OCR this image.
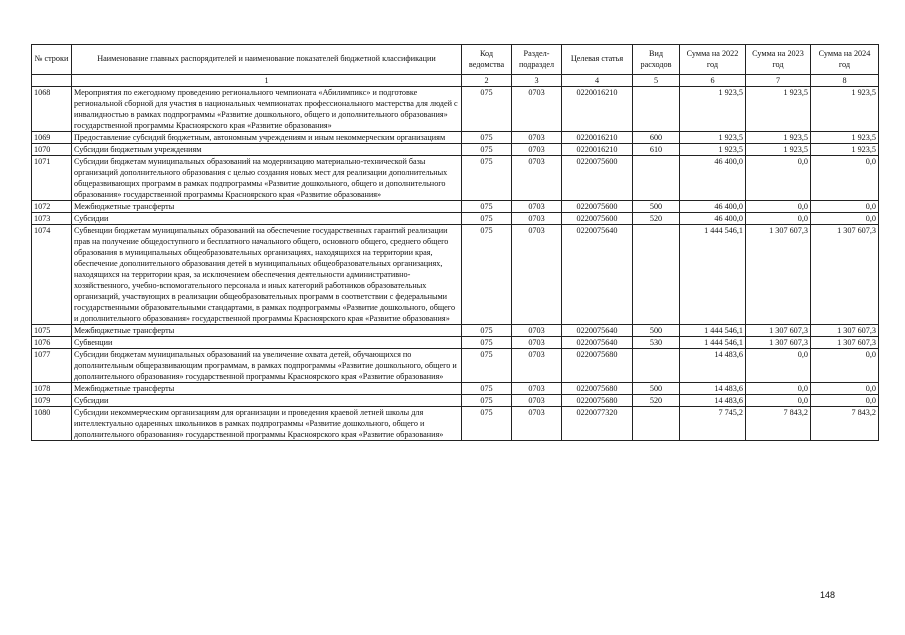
№ строки	Наименование главных распорядителей и наименование показателей бюджетной классификации	Код ведомства	Раздел-подраздел	Целевая статья	Вид расходов	Сумма на 2022 год	Сумма на 2023 год	Сумма на 2024 год
	1	2	3	4	5	6	7	8
1068	Мероприятия по ежегодному проведению регионального чемпионата «Абилимпикс» и подготовке региональной сборной для участия в национальных чемпионатах профессионального мастерства для людей с инвалидностью в рамках подпрограммы «Развитие дошкольного, общего и дополнительного образования» государственной программы Красноярского края «Развитие образования»	075	0703	0220016210		1 923,5	1 923,5	1 923,5
1069	Предоставление субсидий бюджетным, автономным учреждениям и иным некоммерческим организациям	075	0703	0220016210	600	1 923,5	1 923,5	1 923,5
1070	Субсидии бюджетным учреждениям	075	0703	0220016210	610	1 923,5	1 923,5	1 923,5
1071	Субсидии бюджетам муниципальных образований на модернизацию материально-технической базы организаций дополнительного образования с целью создания новых мест для реализации дополнительных общеразвивающих программ в рамках подпрограммы «Развитие дошкольного, общего и дополнительного образования» государственной программы Красноярского края «Развитие образования»	075	0703	0220075600		46 400,0	0,0	0,0
1072	Межбюджетные трансферты	075	0703	0220075600	500	46 400,0	0,0	0,0
1073	Субсидии	075	0703	0220075600	520	46 400,0	0,0	0,0
1074	Субвенции бюджетам муниципальных образований на обеспечение государственных гарантий реализации прав на получение общедоступного и бесплатного начального общего, основного общего, среднего общего образования в муниципальных общеобразовательных организациях, находящихся на территории края, обеспечение дополнительного образования детей в муниципальных общеобразовательных организациях, находящихся на территории края, за исключением обеспечения деятельности административно-хозяйственного, учебно-вспомогательного персонала и иных категорий работников образовательных организаций, участвующих в реализации общеобразовательных программ в соответствии с федеральными государственными образовательными стандартами, в рамках подпрограммы «Развитие дошкольного, общего и дополнительного образования» государственной программы Красноярского края «Развитие образования»	075	0703	0220075640		1 444 546,1	1 307 607,3	1 307 607,3
1075	Межбюджетные трансферты	075	0703	0220075640	500	1 444 546,1	1 307 607,3	1 307 607,3
1076	Субвенции	075	0703	0220075640	530	1 444 546,1	1 307 607,3	1 307 607,3
1077	Субсидии бюджетам муниципальных образований на увеличение охвата детей, обучающихся по дополнительным общеразвивающим программам, в рамках подпрограммы «Развитие дошкольного, общего и дополнительного образования» государственной программы Красноярского края «Развитие образования»	075	0703	0220075680		14 483,6	0,0	0,0
1078	Межбюджетные трансферты	075	0703	0220075680	500	14 483,6	0,0	0,0
1079	Субсидии	075	0703	0220075680	520	14 483,6	0,0	0,0
1080	Субсидии некоммерческим организациям для организации и проведения краевой летней школы для интеллектуально одаренных школьников в рамках подпрограммы «Развитие дошкольного, общего и дополнительного образования» государственной программы Красноярского края «Развитие образования»	075	0703	0220077320		7 745,2	7 843,2	7 843,2
148
